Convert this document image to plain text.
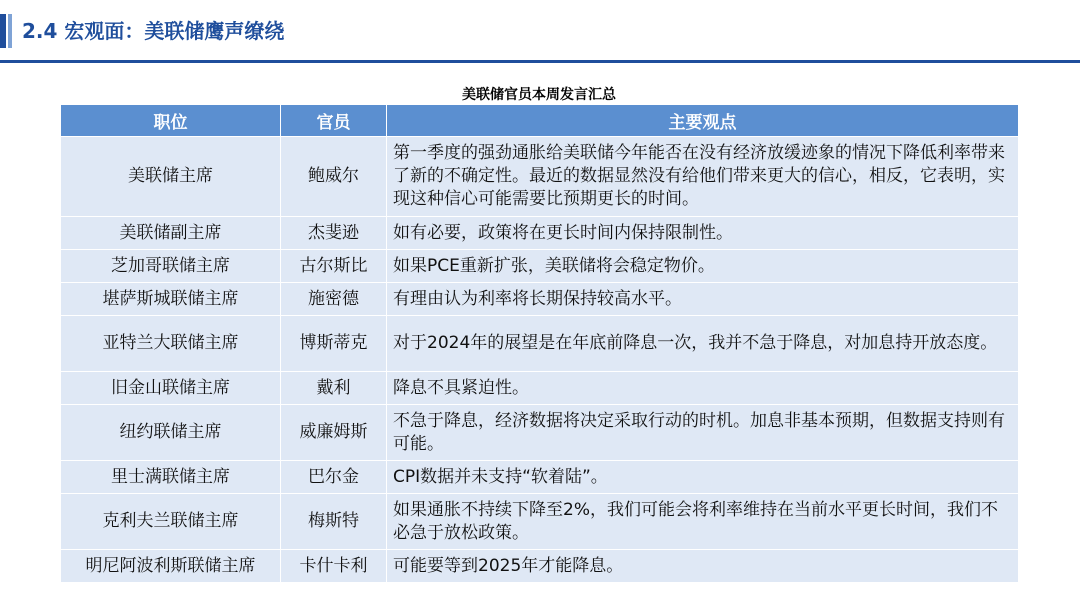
2.4 宏观面：美联储鹰声缭绕
美联储官员本周发言汇总
职位	官员	主要观点
美联储主席	鲍威尔	第一季度的强劲通胀给美联储今年能否在没有经济放缓迹象的情况下降低利率带来了新的不确定性。最近的数据显然没有给他们带来更大的信心，相反，它表明，实现这种信心可能需要比预期更长的时间。
美联储副主席	杰斐逊	如有必要，政策将在更长时间内保持限制性。
芝加哥联储主席	古尔斯比	如果PCE重新扩张，美联储将会稳定物价。
堪萨斯城联储主席	施密德	有理由认为利率将长期保持较高水平。
亚特兰大联储主席	博斯蒂克	对于2024年的展望是在年底前降息一次，我并不急于降息，对加息持开放态度。
旧金山联储主席	戴利	降息不具紧迫性。
纽约联储主席	威廉姆斯	不急于降息，经济数据将决定采取行动的时机。加息非基本预期，但数据支持则有可能。
里士满联储主席	巴尔金	CPI数据并未支持“软着陆”。
克利夫兰联储主席	梅斯特	如果通胀不持续下降至2%，我们可能会将利率维持在当前水平更长时间，我们不必急于放松政策。
明尼阿波利斯联储主席	卡什卡利	可能要等到2025年才能降息。
